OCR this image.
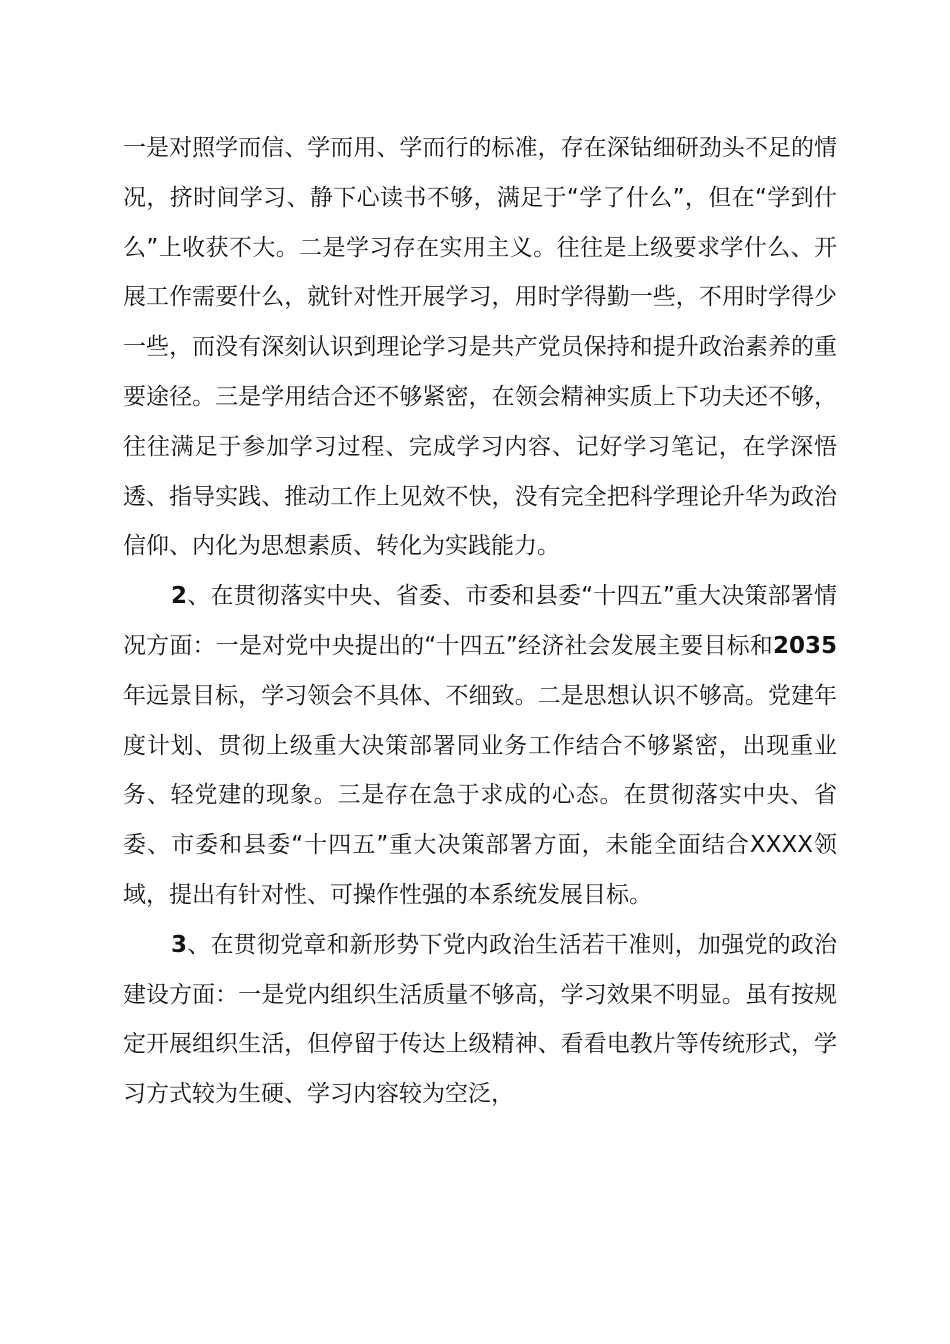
一是对照学而信、学而用、学而行的标准，存在深钻细研劲头不足的情况，挤时间学习、静下心读书不够，满足于“学了什么”，但在“学到什么”上收获不大。二是学习存在实用主义。往往是上级要求学什么、开展工作需要什么，就针对性开展学习，用时学得勤一些，不用时学得少一些，而没有深刻认识到理论学习是共产党员保持和提升政治素养的重要途径。三是学用结合还不够紧密，在领会精神实质上下功夫还不够，往往满足于参加学习过程、完成学习内容、记好学习笔记，在学深悟透、指导实践、推动工作上见效不快，没有完全把科学理论升华为政治信仰、内化为思想素质、转化为实践能力。

2、在贯彻落实中央、省委、市委和县委“十四五”重大决策部署情况方面：一是对党中央提出的“十四五”经济社会发展主要目标和2035年远景目标，学习领会不具体、不细致。二是思想认识不够高。党建年度计划、贯彻上级重大决策部署同业务工作结合不够紧密，出现重业务、轻党建的现象。三是存在急于求成的心态。在贯彻落实中央、省委、市委和县委“十四五”重大决策部署方面，未能全面结合XXXX领域，提出有针对性、可操作性强的本系统发展目标。

3、在贯彻党章和新形势下党内政治生活若干准则，加强党的政治建设方面：一是党内组织生活质量不够高，学习效果不明显。虽有按规定开展组织生活，但停留于传达上级精神、看看电教片等传统形式，学习方式较为生硬、学习内容较为空泛，
